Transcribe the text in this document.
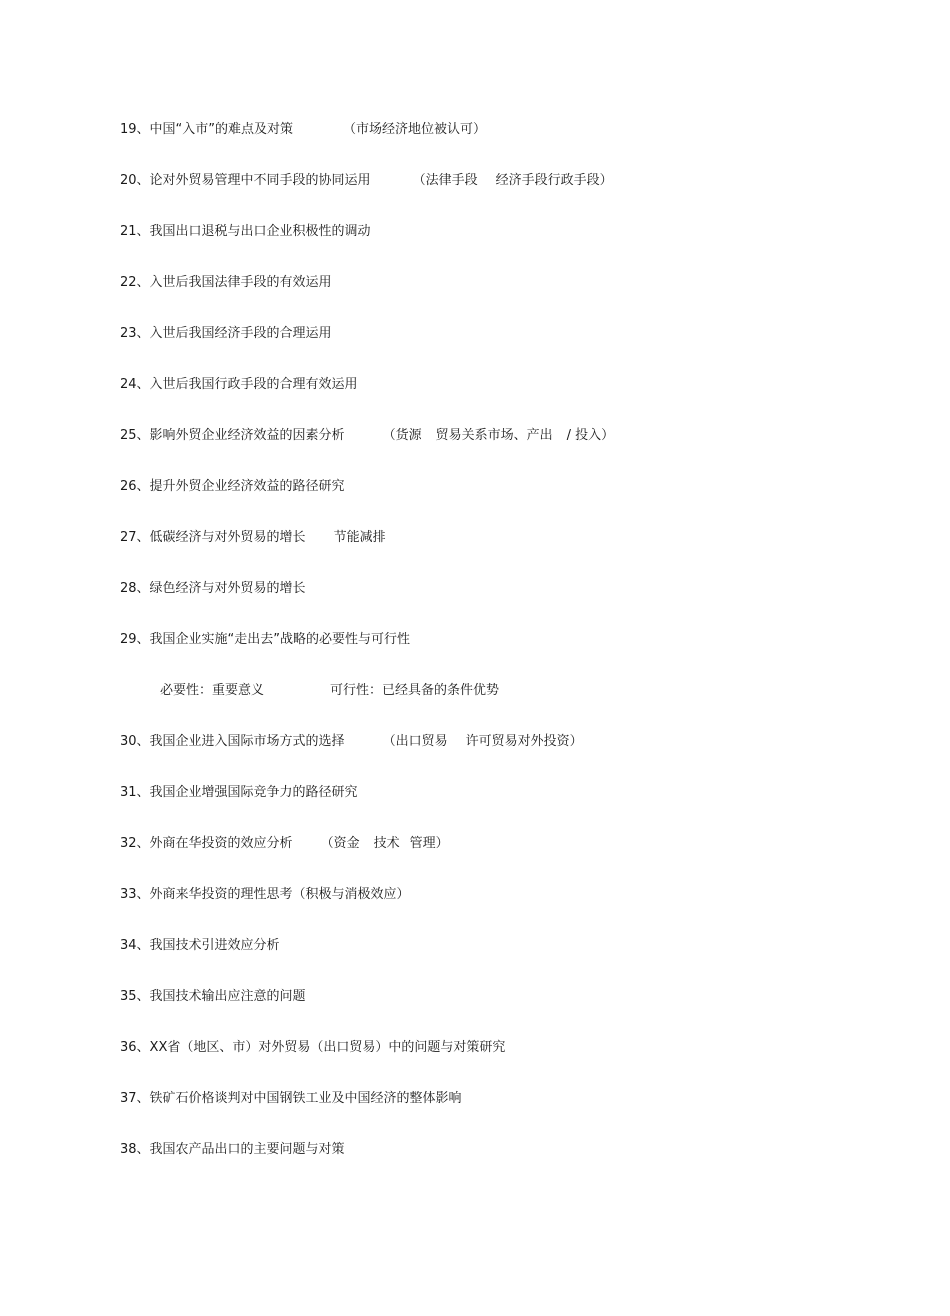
19、中国“入市”的难点及对策	（市场经济地位被认可）
20、论对外贸易管理中不同手段的协同运用	（法律手段 经济手段行政手段）
21、我国出口退税与出口企业积极性的调动
22、入世后我国法律手段的有效运用
23、入世后我国经济手段的合理运用
24、入世后我国行政手段的合理有效运用
25、影响外贸企业经济效益的因素分析	（货源 贸易关系市场、产出 / 投入）
26、提升外贸企业经济效益的路径研究
27、低碳经济与对外贸易的增长 节能减排
28、绿色经济与对外贸易的增长
29、我国企业实施“走出去”战略的必要性与可行性
必要性：重要意义	可行性：已经具备的条件优势
30、我国企业进入国际市场方式的选择	（出口贸易 许可贸易对外投资）
31、我国企业增强国际竞争力的路径研究
32、外商在华投资的效应分析 （资金 技术 管理）
33、外商来华投资的理性思考（积极与消极效应）
34、我国技术引进效应分析
35、我国技术输出应注意的问题
36、XX省（地区、市）对外贸易（出口贸易）中的问题与对策研究
37、铁矿石价格谈判对中国钢铁工业及中国经济的整体影响
38、我国农产品出口的主要问题与对策
